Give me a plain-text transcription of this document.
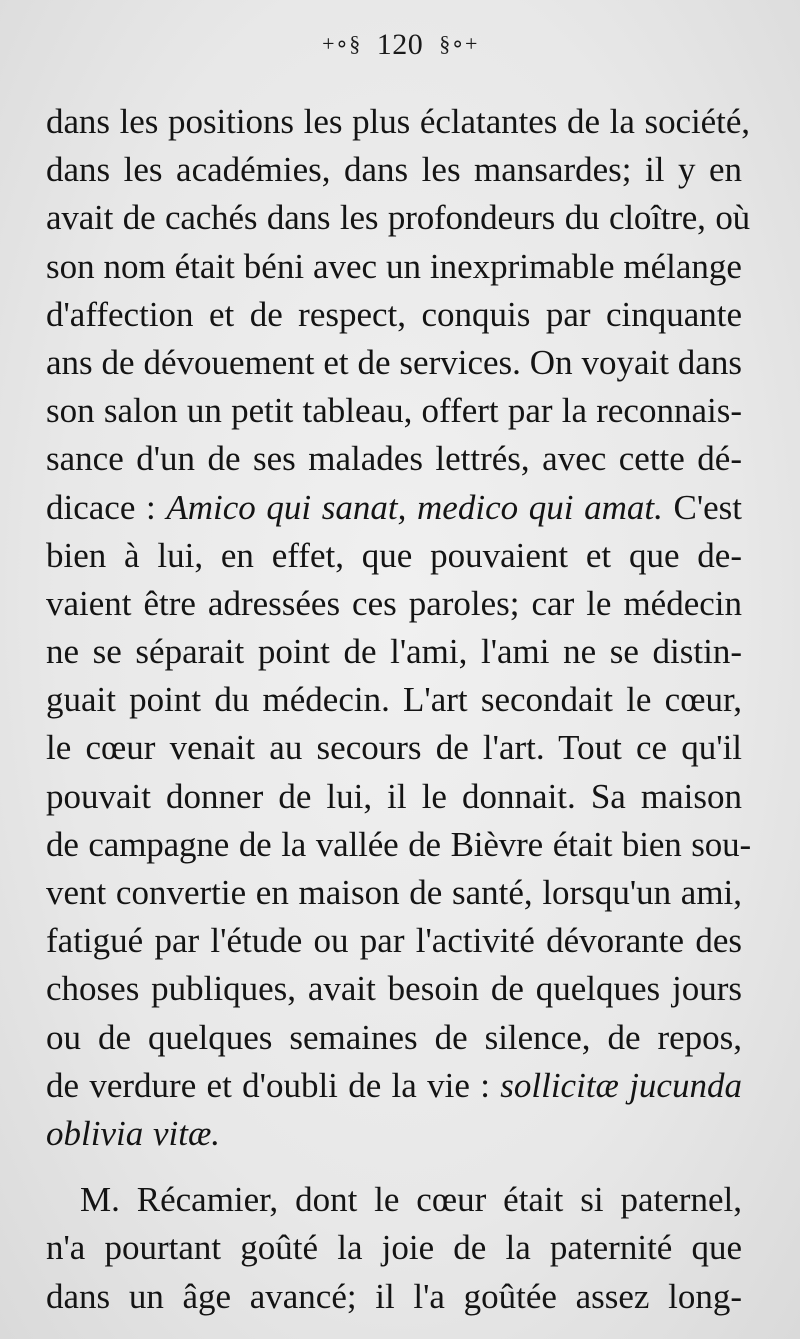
+∘§ 120 §∘+
dans les positions les plus éclatantes de la société,
dans les académies, dans les mansardes; il y en
avait de cachés dans les profondeurs du cloître, où
son nom était béni avec un inexprimable mélange
d'affection et de respect, conquis par cinquante
ans de dévouement et de services. On voyait dans
son salon un petit tableau, offert par la reconnais-
sance d'un de ses malades lettrés, avec cette dé-
dicace : Amico qui sanat, medico qui amat. C'est
bien à lui, en effet, que pouvaient et que de-
vaient être adressées ces paroles; car le médecin
ne se séparait point de l'ami, l'ami ne se distin-
guait point du médecin. L'art secondait le cœur,
le cœur venait au secours de l'art. Tout ce qu'il
pouvait donner de lui, il le donnait. Sa maison
de campagne de la vallée de Bièvre était bien sou-
vent convertie en maison de santé, lorsqu'un ami,
fatigué par l'étude ou par l'activité dévorante des
choses publiques, avait besoin de quelques jours
ou de quelques semaines de silence, de repos,
de verdure et d'oubli de la vie : sollicitæ jucunda
oblivia vitæ.
M. Récamier, dont le cœur était si paternel,
n'a pourtant goûté la joie de la paternité que
dans un âge avancé; il l'a goûtée assez long-
